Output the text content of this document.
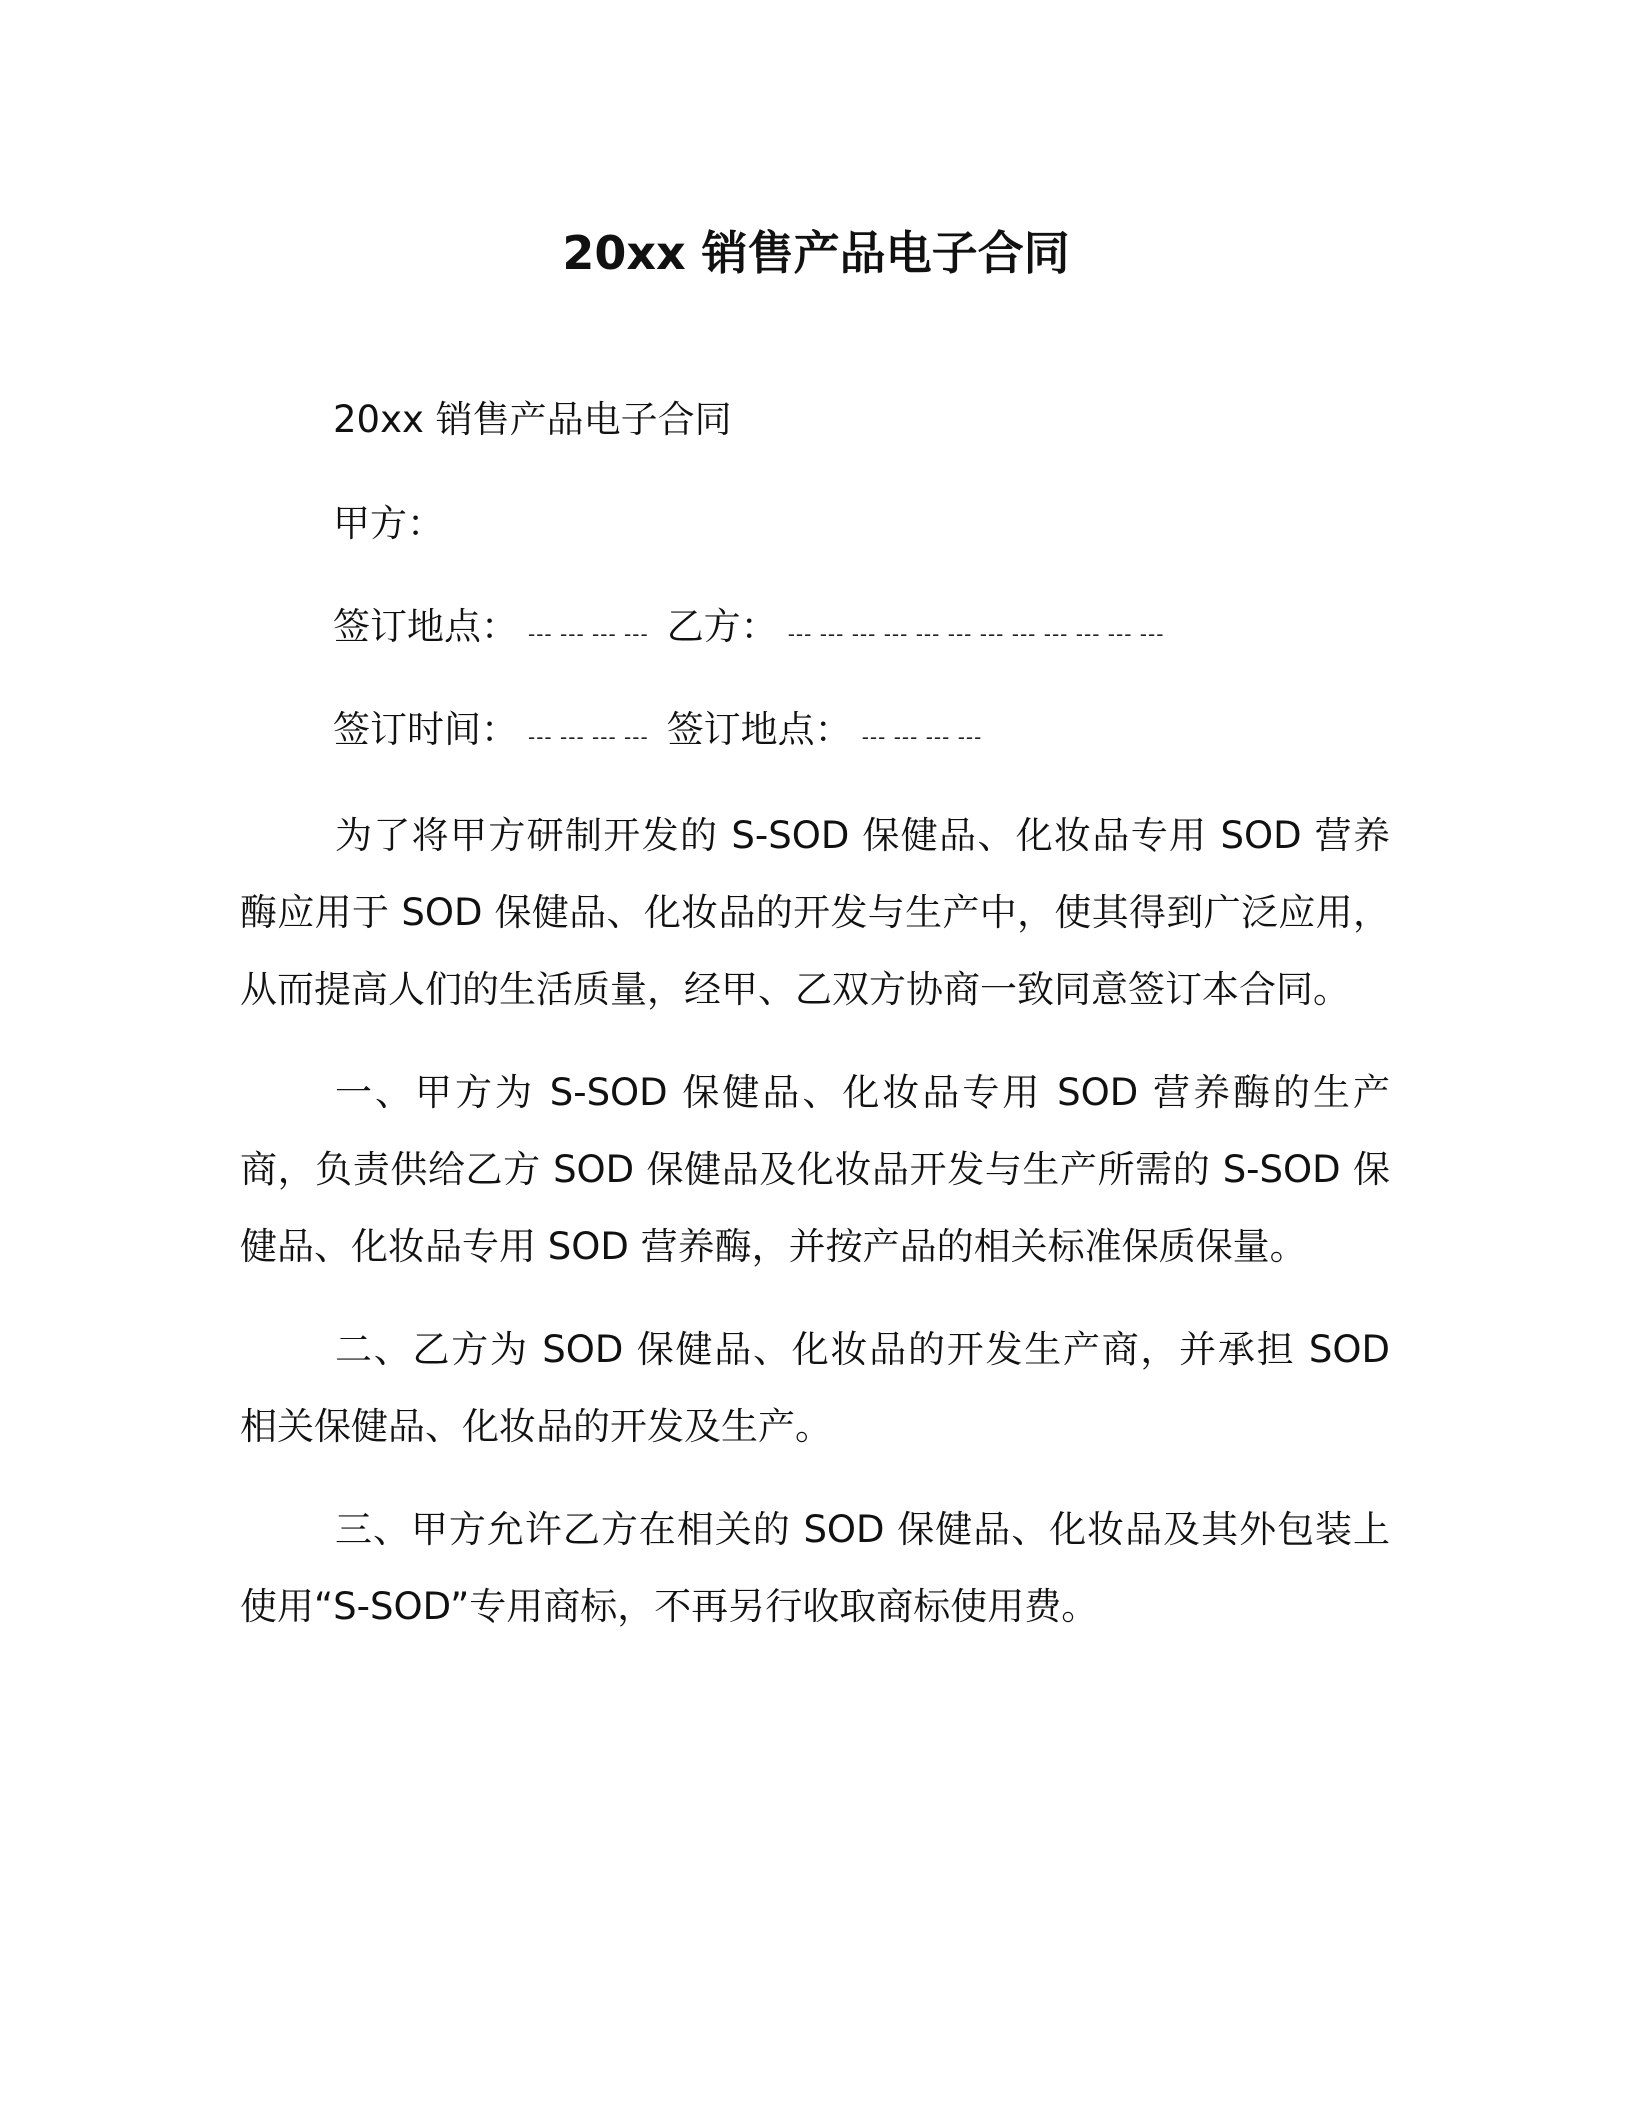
20xx 销售产品电子合同
20xx 销售产品电子合同
甲方：
签订地点： --- --- --- --- 乙方： --- --- --- --- --- --- --- --- --- --- --- ---
签订时间： --- --- --- --- 签订地点： --- --- --- ---
为了将甲方研制开发的 S-SOD 保健品、化妆品专用 SOD 营养酶应用于 SOD 保健品、化妆品的开发与生产中，使其得到广泛应用，从而提高人们的生活质量，经甲、乙双方协商一致同意签订本合同。
一、甲方为 S-SOD 保健品、化妆品专用 SOD 营养酶的生产商，负责供给乙方 SOD 保健品及化妆品开发与生产所需的 S-SOD 保健品、化妆品专用 SOD 营养酶，并按产品的相关标准保质保量。
二、乙方为 SOD 保健品、化妆品的开发生产商，并承担 SOD 相关保健品、化妆品的开发及生产。
三、甲方允许乙方在相关的 SOD 保健品、化妆品及其外包装上使用“S-SOD”专用商标，不再另行收取商标使用费。
